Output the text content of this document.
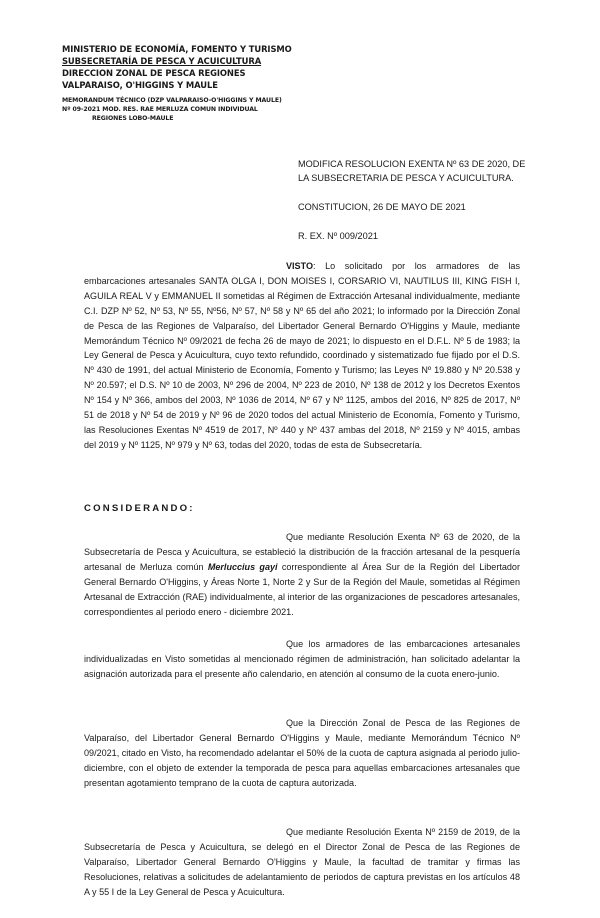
MINISTERIO DE ECONOMÍA, FOMENTO Y TURISMO
SUBSECRETARÍA DE PESCA Y ACUICULTURA
DIRECCION ZONAL DE PESCA REGIONES
VALPARAISO, O'HIGGINS Y MAULE
MEMORANDUM TÉCNICO (DZP VALPARAISO-O'HIGGINS Y MAULE)
Nº 09-2021 MOD. RES. RAE MERLUZA COMUN INDIVIDUAL
REGIONES LOBO-MAULE
MODIFICA RESOLUCION EXENTA Nº 63 DE 2020, DE
LA SUBSECRETARIA DE PESCA Y ACUICULTURA.
CONSTITUCION, 26 DE MAYO DE 2021
R. EX. Nº 009/2021

VISTO: Lo solicitado por los armadores de las embarcaciones artesanales SANTA OLGA I, DON MOISES I, CORSARIO VI, NAUTILUS III, KING FISH I, AGUILA REAL V y EMMANUEL II sometidas al Régimen de Extracción Artesanal individualmente, mediante C.I. DZP Nº 52, Nº 53, Nº 55, Nº56, Nº 57, Nº 58 y Nº 65 del año 2021; lo informado por la Dirección Zonal de Pesca de las Regiones de Valparaíso, del Libertador General Bernardo O'Higgins y Maule, mediante Memorándum Técnico Nº 09/2021 de fecha 26 de mayo de 2021; lo dispuesto en el D.F.L. Nº 5 de 1983; la Ley General de Pesca y Acuicultura, cuyo texto refundido, coordinado y sistematizado fue fijado por el D.S. Nº 430 de 1991, del actual Ministerio de Economía, Fomento y Turismo; las Leyes Nº 19.880 y Nº 20.538 y Nº 20.597; el D.S. Nº 10 de 2003, Nº 296 de 2004, Nº 223 de 2010, Nº 138 de 2012 y los Decretos Exentos Nº 154 y Nº 366, ambos del 2003, Nº 1036 de 2014, Nº 67 y Nº 1125, ambos del 2016, Nº 825 de 2017, Nº 51 de 2018 y Nº 54 de 2019 y Nº 96 de 2020 todos del actual Ministerio de Economía, Fomento y Turismo, las Resoluciones Exentas Nº 4519 de 2017, Nº 440 y Nº 437 ambas del 2018, Nº 2159 y Nº 4015, ambas del 2019 y Nº 1125, Nº 979 y Nº 63, todas del 2020, todas de esta de Subsecretaría.

CONSIDERANDO:

Que mediante Resolución Exenta Nº 63 de 2020, de la Subsecretaría de Pesca y Acuicultura, se estableció la distribución de la fracción artesanal de la pesquería artesanal de Merluza común Merluccius gayi correspondiente al Área Sur de la Región del Libertador General Bernardo O'Higgins, y Áreas Norte 1, Norte 2 y Sur de la Región del Maule, sometidas al Régimen Artesanal de Extracción (RAE) individualmente, al interior de las organizaciones de pescadores artesanales, correspondientes al periodo enero - diciembre 2021.

Que los armadores de las embarcaciones artesanales individualizadas en Visto sometidas al mencionado régimen de administración, han solicitado adelantar la asignación autorizada para el presente año calendario, en atención al consumo de la cuota enero-junio.

Que la Dirección Zonal de Pesca de las Regiones de Valparaíso, del Libertador General Bernardo O'Higgins y Maule, mediante Memorándum Técnico Nº 09/2021, citado en Visto, ha recomendado adelantar el 50% de la cuota de captura asignada al periodo julio-diciembre, con el objeto de extender la temporada de pesca para aquellas embarcaciones artesanales que presentan agotamiento temprano de la cuota de captura autorizada.

Que mediante Resolución Exenta Nº 2159 de 2019, de la Subsecretaría de Pesca y Acuicultura, se delegó en el Director Zonal de Pesca de las Regiones de Valparaíso, Libertador General Bernardo O'Higgins y Maule, la facultad de tramitar y firmas las Resoluciones, relativas a solicitudes de adelantamiento de periodos de captura previstas en los artículos 48 A y 55 I de la Ley General de Pesca y Acuicultura.
